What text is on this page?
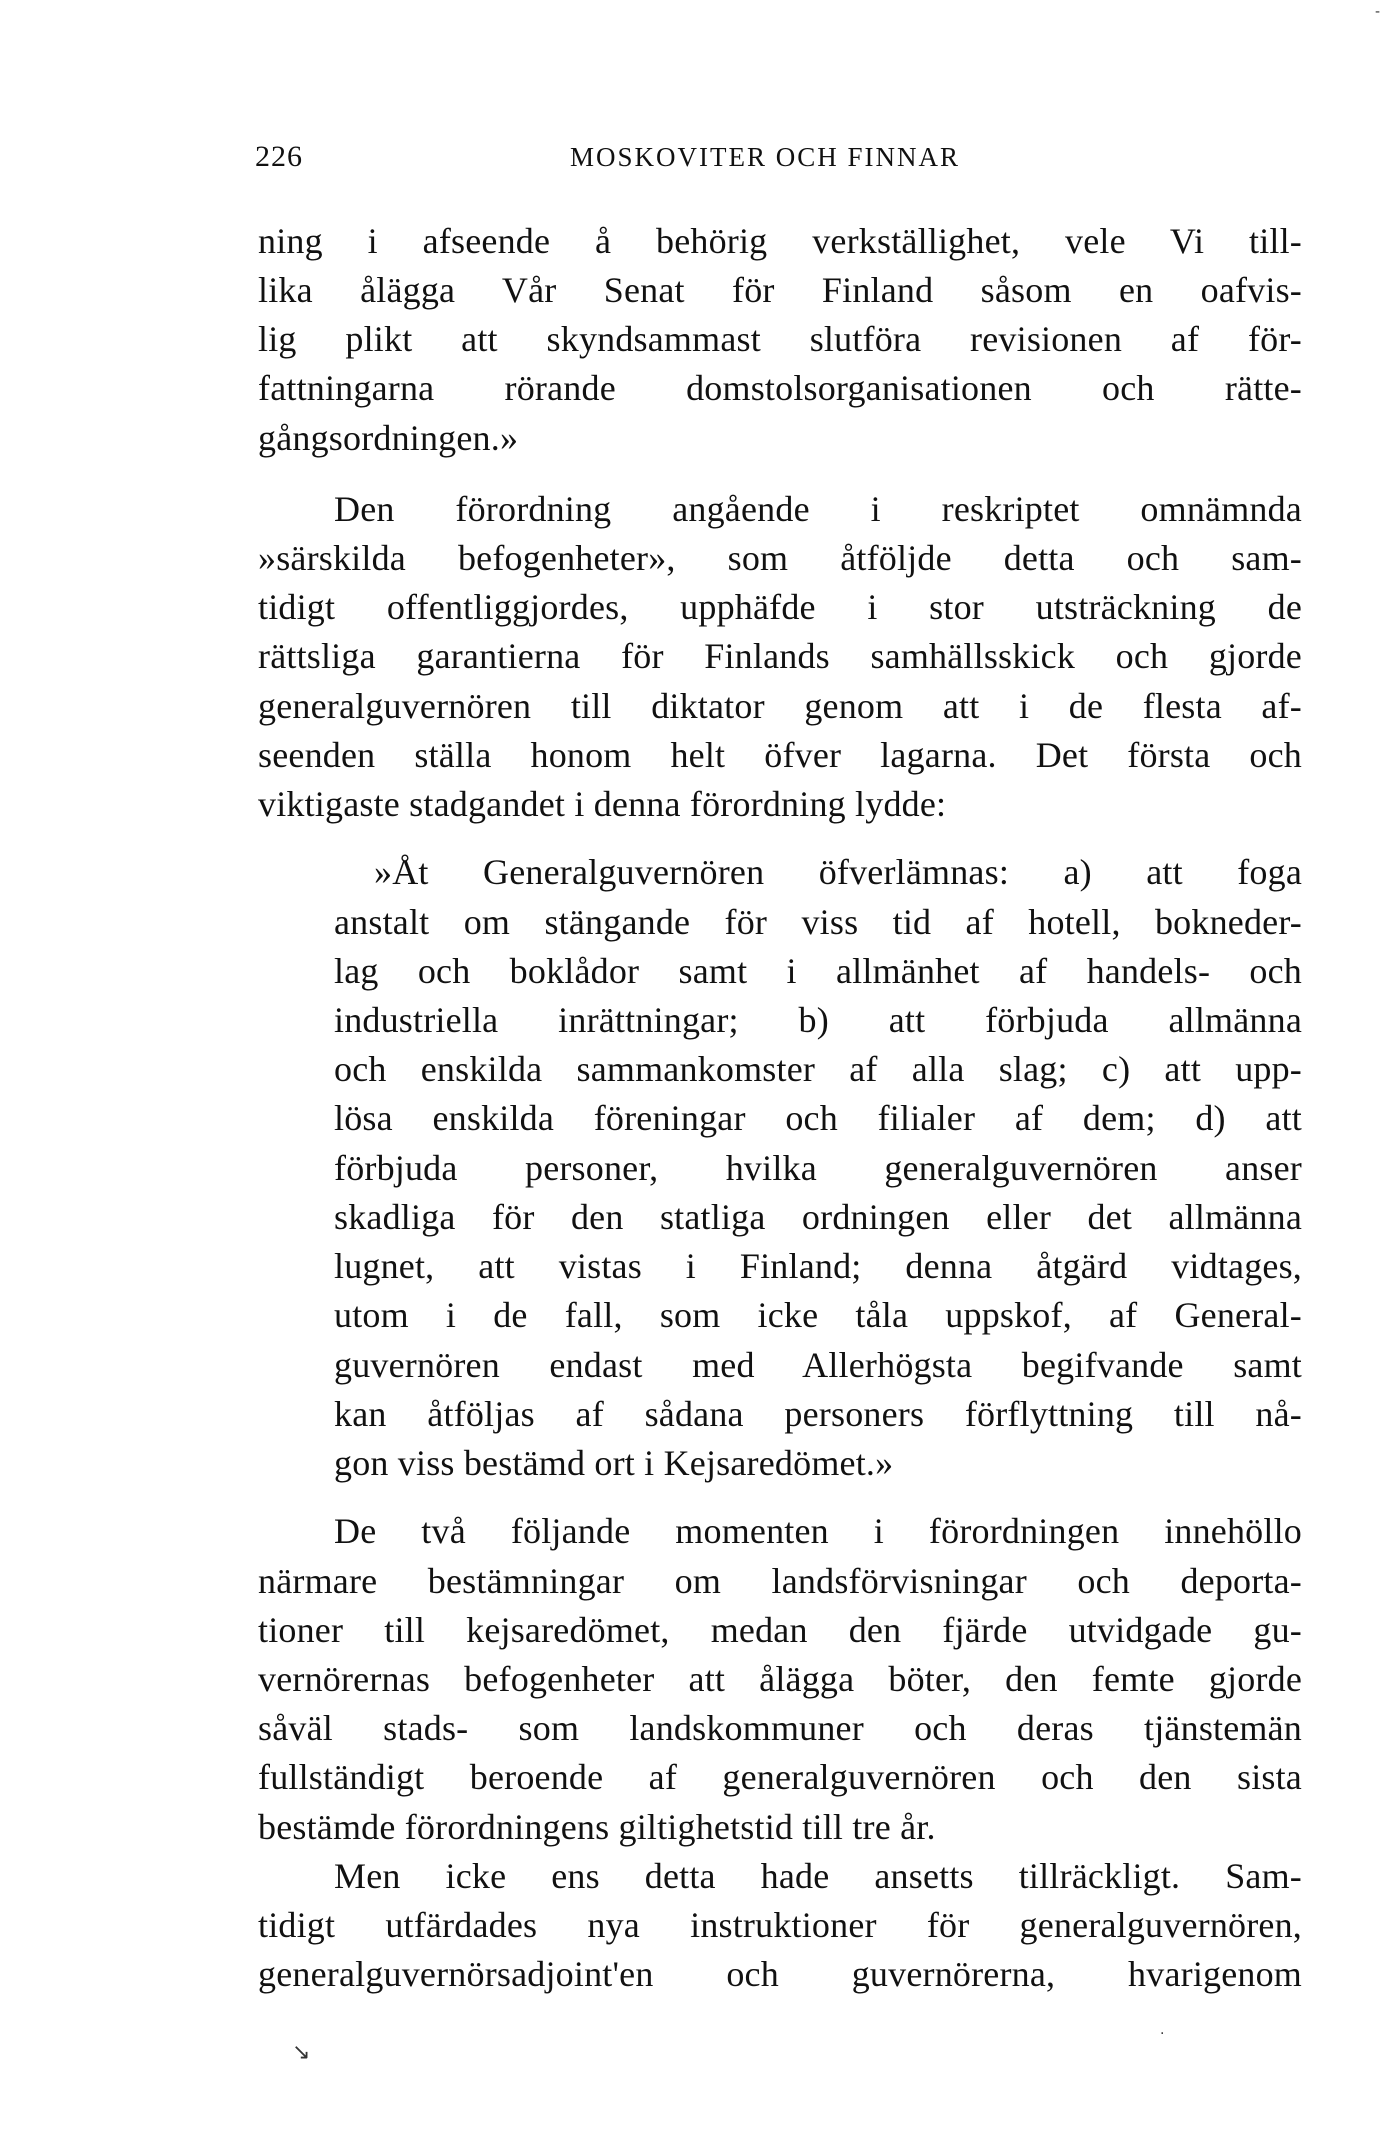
-
226	MOSKOVITER OCH FINNAR
ning i afseende å behörig verkställighet, vele Vi till-
lika ålägga Vår Senat för Finland såsom en oafvis-
lig plikt att skyndsammast slutföra revisionen af för-
fattningarna rörande domstolsorganisationen och rätte-
gångsordningen.»
Den förordning angående i reskriptet omnämnda
»särskilda befogenheter», som åtföljde detta och sam-
tidigt offentliggjordes, upphäfde i stor utsträckning de
rättsliga garantierna för Finlands samhällsskick och gjorde
generalguvernören till diktator genom att i de flesta af-
seenden ställa honom helt öfver lagarna. Det första och
viktigaste stadgandet i denna förordning lydde:
»Åt Generalguvernören öfverlämnas: a) att foga
anstalt om stängande för viss tid af hotell, bokneder-
lag och boklådor samt i allmänhet af handels- och
industriella inrättningar; b) att förbjuda allmänna
och enskilda sammankomster af alla slag; c) att upp-
lösa enskilda föreningar och filialer af dem; d) att
förbjuda personer, hvilka generalguvernören anser
skadliga för den statliga ordningen eller det allmänna
lugnet, att vistas i Finland; denna åtgärd vidtages,
utom i de fall, som icke tåla uppskof, af General-
guvernören endast med Allerhögsta begifvande samt
kan åtföljas af sådana personers förflyttning till nå-
gon viss bestämd ort i Kejsaredömet.»
De två följande momenten i förordningen innehöllo
närmare bestämningar om landsförvisningar och deporta-
tioner till kejsaredömet, medan den fjärde utvidgade gu-
vernörernas befogenheter att ålägga böter, den femte gjorde
såväl stads- som landskommuner och deras tjänstemän
fullständigt beroende af generalguvernören och den sista
bestämde förordningens giltighetstid till tre år.
Men icke ens detta hade ansetts tillräckligt. Sam-
tidigt utfärdades nya instruktioner för generalguvernören,
generalguvernörsadjoint'en och guvernörerna, hvarigenom
↘
·
